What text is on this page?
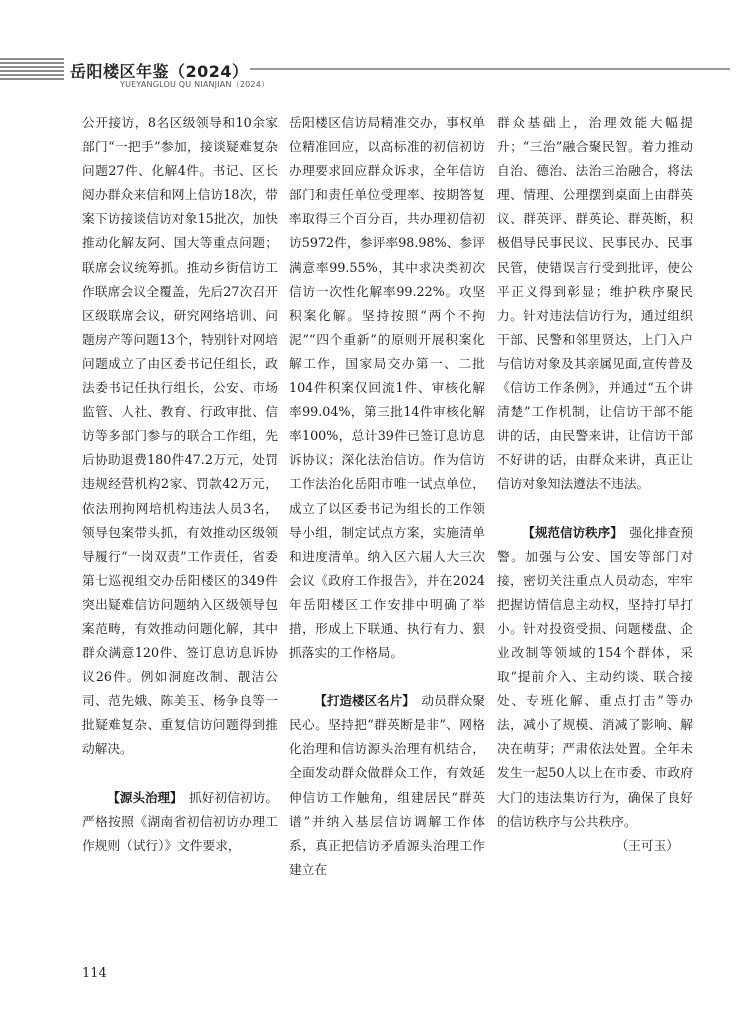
岳阳楼区年鉴（2024）
YUEYANGLOU QU NIANJIAN（2024）

公开接访，8名区级领导和10余家部门“一把手”参加，接谈疑难复杂问题27件、化解4件。书记、区长阅办群众来信和网上信访18次，带案下访接谈信访对象15批次，加快推动化解友阿、国大等重点问题；联席会议统筹抓。推动乡街信访工作联席会议全覆盖，先后27次召开区级联席会议，研究网络培训、问题房产等问题13个，特别针对网培问题成立了由区委书记任组长，政法委书记任执行组长，公安、市场监管、人社、教育、行政审批、信访等多部门参与的联合工作组，先后协助退费180件47.2万元，处罚违规经营机构2家、罚款42万元，依法刑拘网培机构违法人员3名，领导包案带头抓，有效推动区级领导履行“一岗双责”工作责任，省委第七巡视组交办岳阳楼区的349件突出疑难信访问题纳入区级领导包案范畴，有效推动问题化解，其中群众满意120件、签订息访息诉协议26件。例如洞庭改制、靓洁公司、范先娥、陈美玉、杨争良等一批疑难复杂、重复信访问题得到推动解决。

【源头治理】　 抓好初信初访。严格按照《湖南省初信初访办理工作规则（试行）》文件要求，

岳阳楼区信访局精准交办，事权单位精准回应，以高标准的初信初访办理要求回应群众诉求，全年信访部门和责任单位受理率、按期答复率取得三个百分百，共办理初信初访5972件，参评率98.98%、参评满意率99.55%，其中求决类初次信访一次性化解率99.22%。攻坚积案化解。坚持按照“两个不拘泥”“四个重新”的原则开展积案化解工作，国家局交办第一、二批104件积案仅回流1件、审核化解率99.04%，第三批14件审核化解率100%，总计39件已签订息访息诉协议；深化法治信访。作为信访工作法治化岳阳市唯一试点单位，成立了以区委书记为组长的工作领导小组，制定试点方案，实施清单和进度清单。纳入区六届人大三次会议《政府工作报告》，并在2024年岳阳楼区工作安排中明确了举措，形成上下联通、执行有力、狠抓落实的工作格局。

【打造楼区名片】　 动员群众聚民心。坚持把“群英断是非”、网格化治理和信访源头治理有机结合，全面发动群众做群众工作，有效延伸信访工作触角，组建居民“群英谱”并纳入基层信访调解工作体系，真正把信访矛盾源头治理工作建立在

群众基础上，治理效能大幅提升；“三治”融合聚民智。着力推动自治、德治、法治三治融合，将法理、情理、公理摆到桌面上由群英议、群英评、群英论、群英断，积极倡导民事民议、民事民办、民事民管，使错误言行受到批评，使公平正义得到彰显；维护秩序聚民力。针对违法信访行为，通过组织干部、民警和邻里贤达，上门入户与信访对象及其亲属见面,宣传普及《信访工作条例》，并通过“五个讲清楚”工作机制，让信访干部不能讲的话，由民警来讲，让信访干部不好讲的话，由群众来讲，真正让信访对象知法遵法不违法。

【规范信访秩序】　 强化排查预警。加强与公安、国安等部门对接，密切关注重点人员动态，牢牢把握访情信息主动权，坚持打早打小。针对投资受损、问题楼盘、企业改制等领域的154个群体，采取“提前介入、主动约谈、联合接处、专班化解、重点打击”等办法，减小了规模、消减了影响、解决在萌芽；严肃依法处置。全年未发生一起50人以上在市委、市政府大门的违法集访行为，确保了良好的信访秩序与公共秩序。

（王可玉）

114
